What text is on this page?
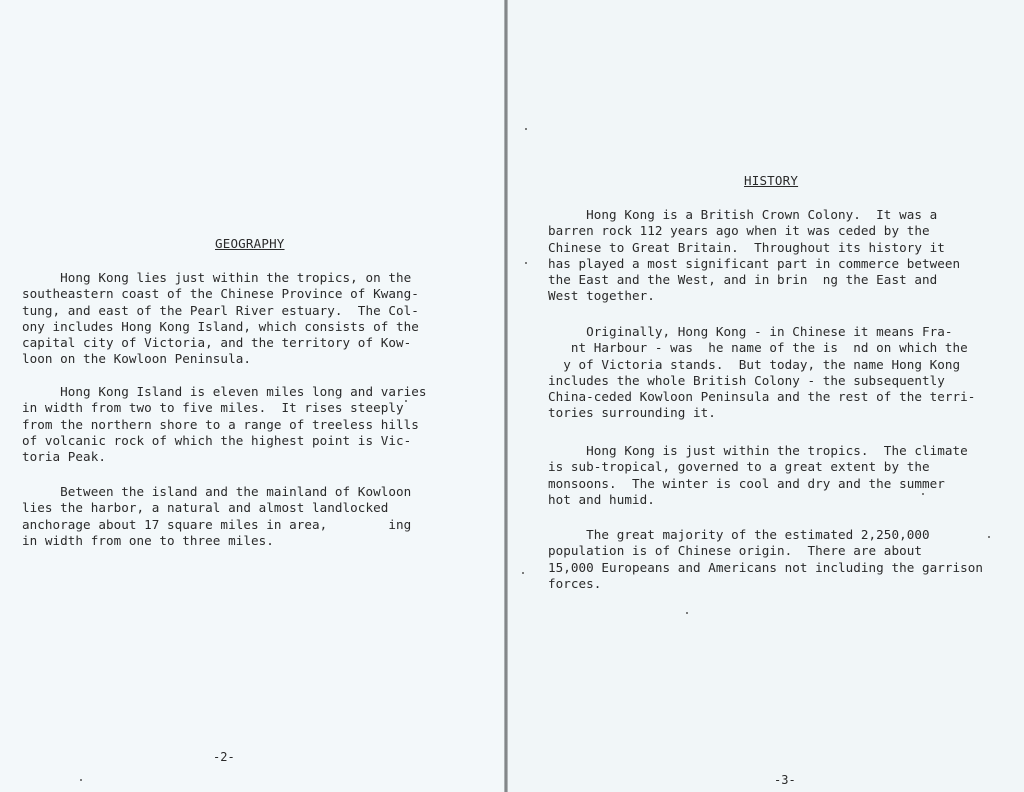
GEOGRAPHY

Hong Kong lies just within the tropics, on the
southeastern coast of the Chinese Province of Kwang-
tung, and east of the Pearl River estuary.  The Col-
ony includes Hong Kong Island, which consists of the
capital city of Victoria, and the territory of Kow-
loon on the Kowloon Peninsula.

Hong Kong Island is eleven miles long and varies
in width from two to five miles.  It rises steeply
from the northern shore to a range of treeless hills
of volcanic rock of which the highest point is Vic-
toria Peak.

Between the island and the mainland of Kowloon
lies the harbor, a natural and almost landlocked
anchorage about 17 square miles in area,        ing
in width from one to three miles.

-2-
HISTORY

Hong Kong is a British Crown Colony.  It was a
barren rock 112 years ago when it was ceded by the
Chinese to Great Britain.  Throughout its history it
has played a most significant part in commerce between
the East and the West, and in brin  ng the East and
West together.

Originally, Hong Kong - in Chinese it means Fra-
nt Harbour - was  he name of the is  nd on which the
y of Victoria stands.  But today, the name Hong Kong
includes the whole British Colony - the subsequently
China-ceded Kowloon Peninsula and the rest of the terri-
tories surrounding it.

Hong Kong is just within the tropics.  The climate
is sub-tropical, governed to a great extent by the
monsoons.  The winter is cool and dry and the summer
hot and humid.

The great majority of the estimated 2,250,000
population is of Chinese origin.  There are about
15,000 Europeans and Americans not including the garrison
forces.

-3-
